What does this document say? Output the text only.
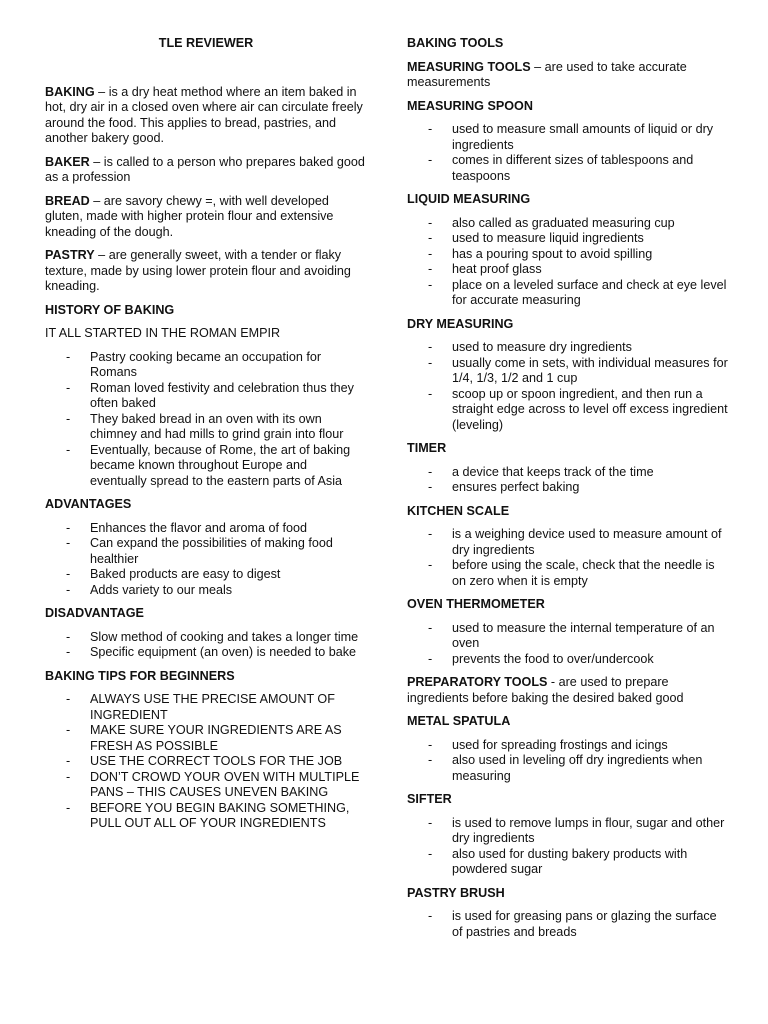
TLE REVIEWER

BAKING – is a dry heat method where an item baked in hot, dry air in a closed oven where air can circulate freely around the food. This applies to bread, pastries, and another bakery good.

BAKER – is called to a person who prepares baked good as a profession

BREAD – are savory chewy =, with well developed gluten, made with higher protein flour and extensive kneading of the dough.

PASTRY – are generally sweet, with a tender or flaky texture, made by using lower protein flour and avoiding kneading.

HISTORY OF BAKING
IT ALL STARTED IN THE ROMAN EMPIR
- Pastry cooking became an occupation for Romans
- Roman loved festivity and celebration thus they often baked
- They baked bread in an oven with its own chimney and had mills to grind grain into flour
- Eventually, because of Rome, the art of baking became known throughout Europe and eventually spread to the eastern parts of Asia
ADVANTAGES
- Enhances the flavor and aroma of food
- Can expand the possibilities of making food healthier
- Baked products are easy to digest
- Adds variety to our meals
DISADVANTAGE
- Slow method of cooking and takes a longer time
- Specific equipment (an oven) is needed to bake
BAKING TIPS FOR BEGINNERS
- ALWAYS USE THE PRECISE AMOUNT OF INGREDIENT
- MAKE SURE YOUR INGREDIENTS ARE AS FRESH AS POSSIBLE
- USE THE CORRECT TOOLS FOR THE JOB
- DON’T CROWD YOUR OVEN WITH MULTIPLE PANS – THIS CAUSES UNEVEN BAKING
- BEFORE YOU BEGIN BAKING SOMETHING, PULL OUT ALL OF YOUR INGREDIENTS
BAKING TOOLS

MEASURING TOOLS – are used to take accurate measurements

MEASURING SPOON
- used to measure small amounts of liquid or dry ingredients
- comes in different sizes of tablespoons and teaspoons
LIQUID MEASURING
- also called as graduated measuring cup
- used to measure liquid ingredients
- has a pouring spout to avoid spilling
- heat proof glass
- place on a leveled surface and check at eye level for accurate measuring
DRY MEASURING
- used to measure dry ingredients
- usually come in sets, with individual measures for 1/4, 1/3, 1/2 and 1 cup
- scoop up or spoon ingredient, and then run a straight edge across to level off excess ingredient (leveling)
TIMER
- a device that keeps track of the time
- ensures perfect baking
KITCHEN SCALE
- is a weighing device used to measure amount of dry ingredients
- before using the scale, check that the needle is on zero when it is empty
OVEN THERMOMETER
- used to measure the internal temperature of an oven
- prevents the food to over/undercook

PREPARATORY TOOLS - are used to prepare ingredients before baking the desired baked good

METAL SPATULA
- used for spreading frostings and icings
- also used in leveling off dry ingredients when measuring
SIFTER
- is used to remove lumps in flour, sugar and other dry ingredients
- also used for dusting bakery products with powdered sugar
PASTRY BRUSH
- is used for greasing pans or glazing the surface of pastries and breads
